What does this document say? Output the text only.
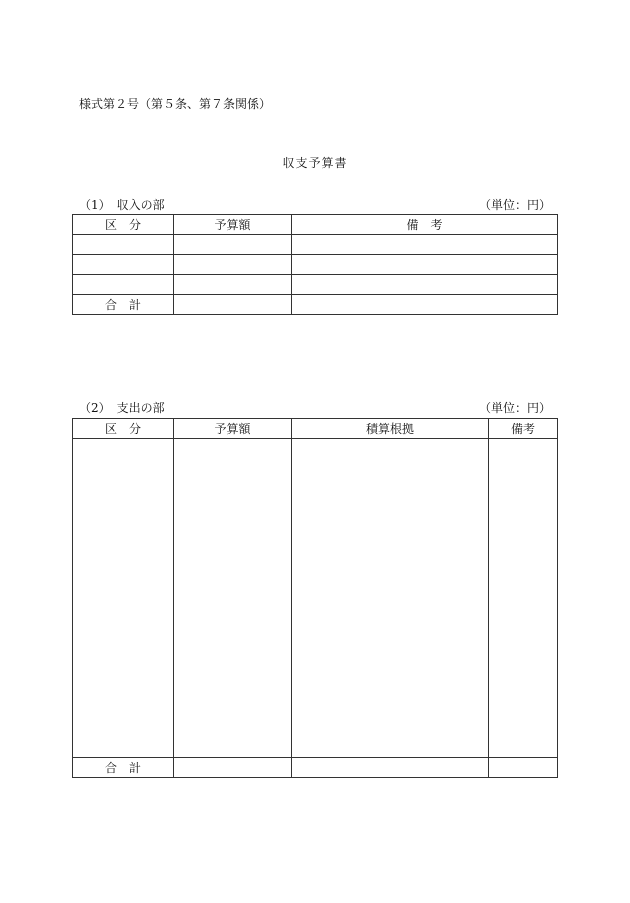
様式第２号（第５条、第７条関係）
収支予算書
（1）　収入の部	（単位：円）
区　分	予算額	備　考

合　計		
（2）　支出の部	（単位：円）
区　分	予算額	積算根拠	備考

合　計			
